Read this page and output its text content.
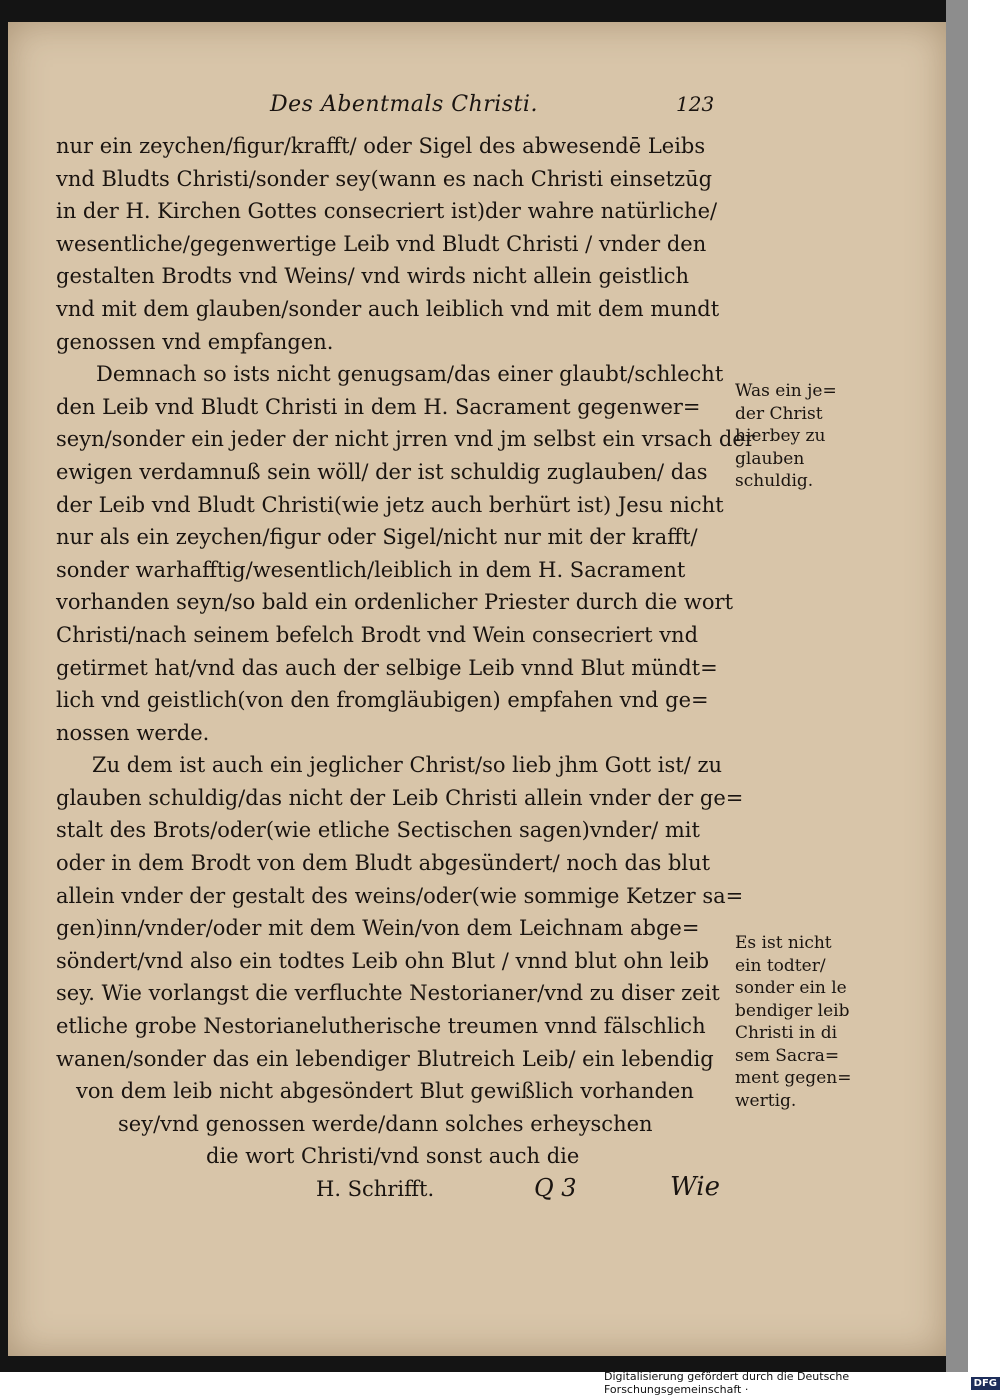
Des Abentmals Christi.	123
nur ein zeychen/figur/krafft/ oder Sigel des abwesendē Leibs
vnd Bludts Christi/sonder sey(wann es nach Christi einsetzūg
in der H. Kirchen Gottes consecriert ist)der wahre natürliche/
wesentliche/gegenwertige Leib vnd Bludt Christi / vnder den
gestalten Brodts vnd Weins/ vnd wirds nicht allein geistlich
vnd mit dem glauben/sonder auch leiblich vnd mit dem mundt
genossen vnd empfangen.
Demnach so ists nicht genugsam/das einer glaubt/schlecht
den Leib vnd Bludt Christi in dem H. Sacrament gegenwer=
seyn/sonder ein jeder der nicht jrren vnd jm selbst ein vrsach der
ewigen verdamnuß sein wöll/ der ist schuldig zuglauben/ das
der Leib vnd Bludt Christi(wie jetz auch berhürt ist) Jesu nicht
nur als ein zeychen/figur oder Sigel/nicht nur mit der krafft/
sonder warhafftig/wesentlich/leiblich in dem H. Sacrament
vorhanden seyn/so bald ein ordenlicher Priester durch die wort
Christi/nach seinem befelch Brodt vnd Wein consecriert vnd
getirmet hat/vnd das auch der selbige Leib vnnd Blut mündt=
lich vnd geistlich(von den fromgläubigen) empfahen vnd ge=
nossen werde.
Zu dem ist auch ein jeglicher Christ/so lieb jhm Gott ist/ zu
glauben schuldig/das nicht der Leib Christi allein vnder der ge=
stalt des Brots/oder(wie etliche Sectischen sagen)vnder/ mit
oder in dem Brodt von dem Bludt abgesündert/ noch das blut
allein vnder der gestalt des weins/oder(wie sommige Ketzer sa=
gen)inn/vnder/oder mit dem Wein/von dem Leichnam abge=
söndert/vnd also ein todtes Leib ohn Blut / vnnd blut ohn leib
sey. Wie vorlangst die verfluchte Nestorianer/vnd zu diser zeit
etliche grobe Nestorianelutherische treumen vnnd fälschlich
wanen/sonder das ein lebendiger Blutreich Leib/ ein lebendig
von dem leib nicht abgesöndert Blut gewißlich vorhanden
sey/vnd genossen werde/dann solches erheyschen
die wort Christi/vnd sonst auch die
H. Schrifft.
Was ein je=
der Christ
hierbey zu
glauben
schuldig.
Es ist nicht
ein todter/
sonder ein le
bendiger leib
Christi in di
sem Sacra=
ment gegen=
wertig.
Q 3	Wie
Digitalisierung gefördert durch die Deutsche Forschungsgemeinschaft ·	DFG
